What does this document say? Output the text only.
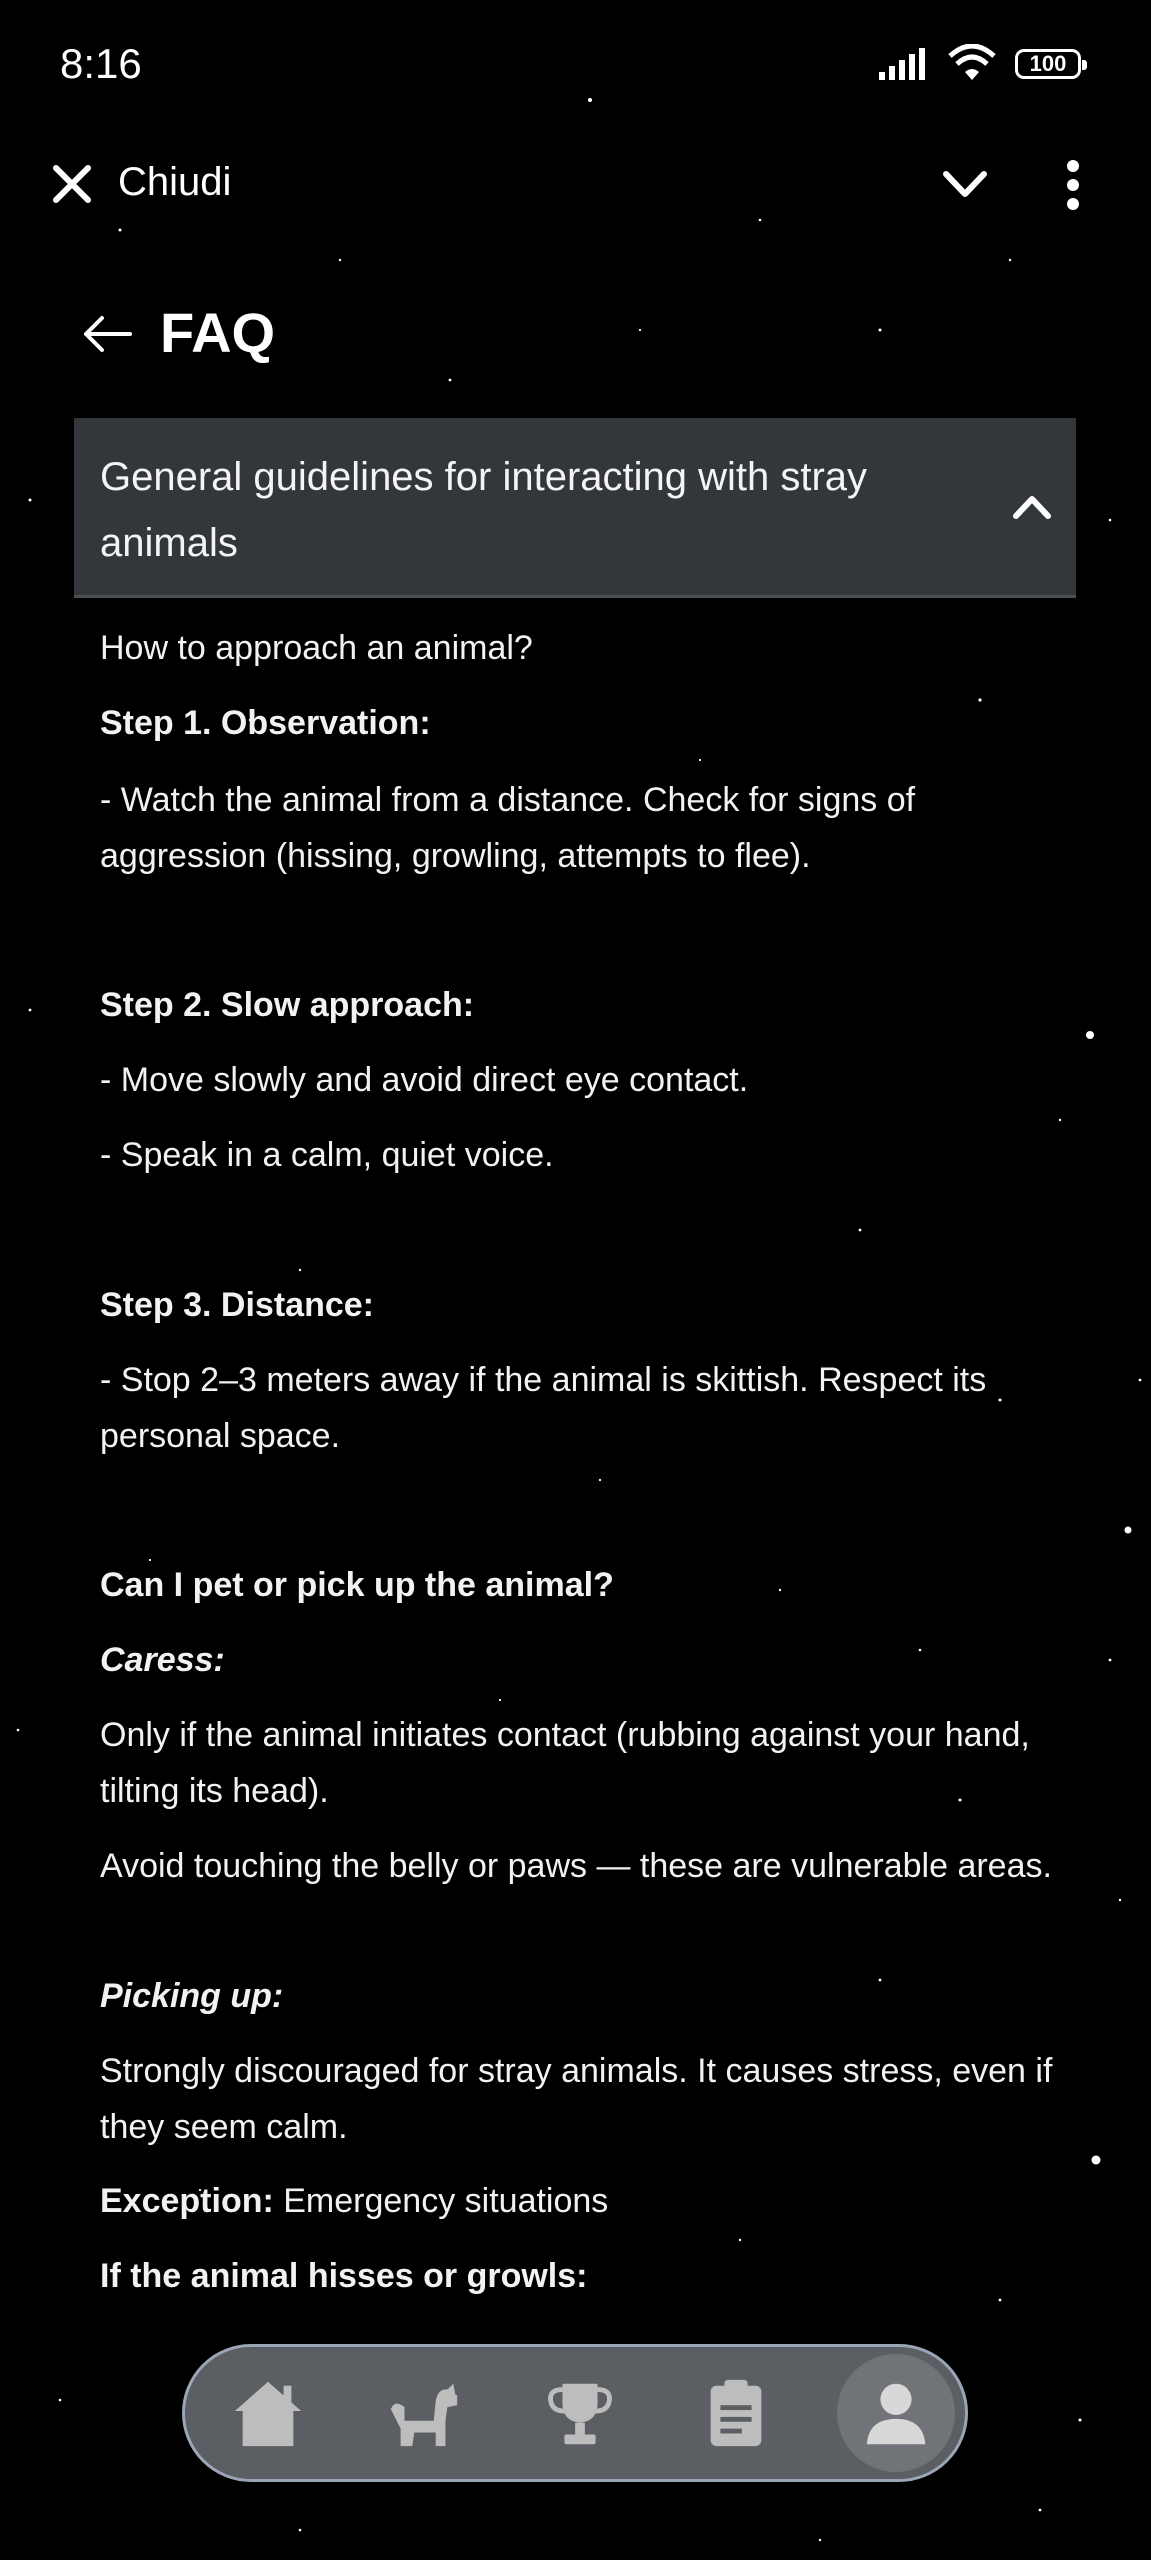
8:16	100
Chiudi
FAQ
General guidelines for interacting with stray animals

How to approach an animal?

Step 1. Observation:

- Watch the animal from a distance. Check for signs of aggression (hissing, growling, attempts to flee).

Step 2. Slow approach:

- Move slowly and avoid direct eye contact.

- Speak in a calm, quiet voice.

Step 3. Distance:

- Stop 2–3 meters away if the animal is skittish. Respect its personal space.

Can I pet or pick up the animal?

Caress:

Only if the animal initiates contact (rubbing against your hand, tilting its head).

Avoid touching the belly or paws — these are vulnerable areas.

Picking up:

Strongly discouraged for stray animals. It causes stress, even if they seem calm.

Exception: Emergency situations

If the animal hisses or growls:
